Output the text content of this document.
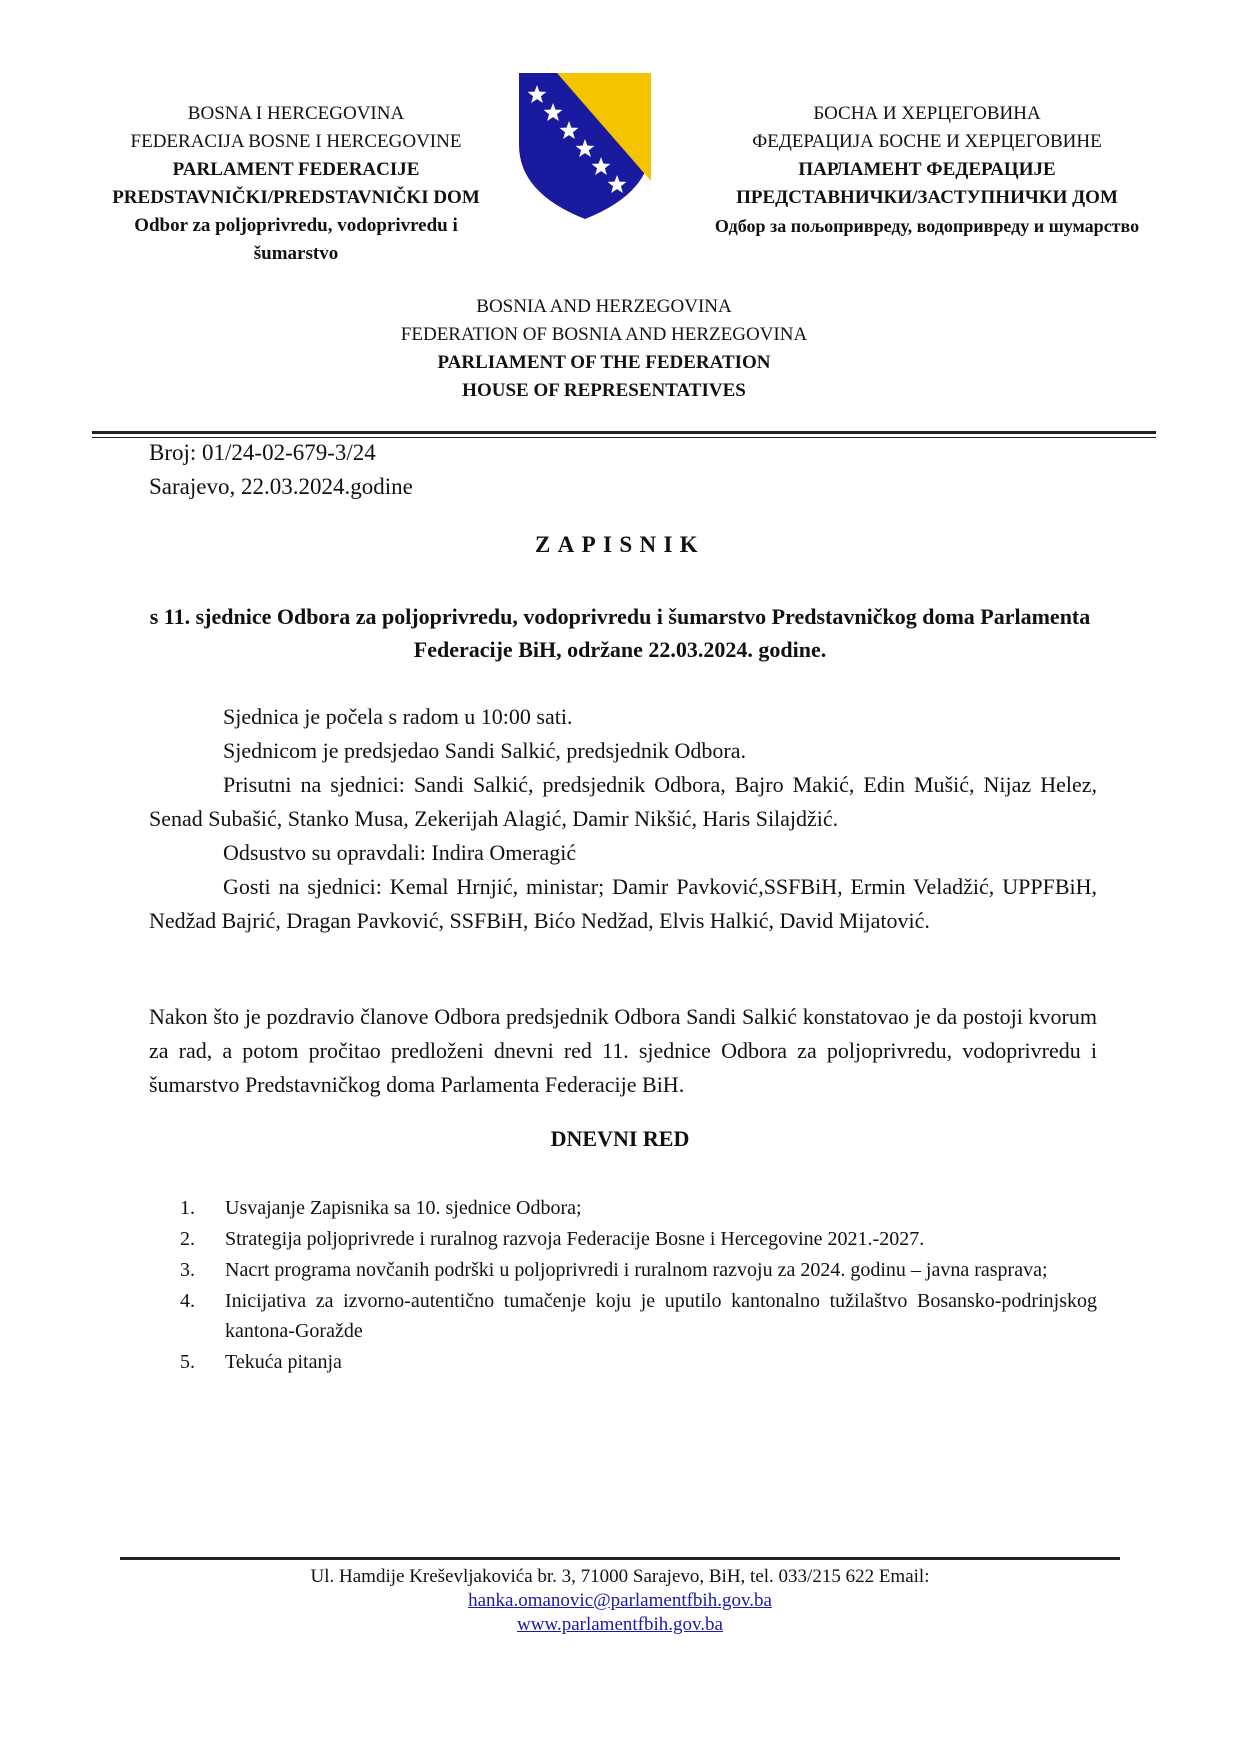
BOSNA I HERCEGOVINA
FEDERACIJA BOSNE I HERCEGOVINE
PARLAMENT FEDERACIJE
PREDSTAVNIČKI/PREDSTAVNIČKI DOM
Odbor za poljoprivredu, vodoprivredu i šumarstvo
БОСНА И ХЕРЦЕГОВИНА
ФЕДЕРАЦИЈА БОСНЕ И ХЕРЦЕГОВИНЕ
ПАРЛАМЕНТ ФЕДЕРАЦИЈЕ
ПРЕДСТАВНИЧКИ/ЗАСТУПНИЧКИ ДОМ
Одбор за пољопривреду, водопривреду и шумарство
BOSNIA AND HERZEGOVINA
FEDERATION OF BOSNIA AND HERZEGOVINA
PARLIAMENT OF THE FEDERATION
HOUSE OF REPRESENTATIVES
Broj: 01/24-02-679-3/24
Sarajevo, 22.03.2024.godine
ZAPISNIK
s 11. sjednice Odbora za poljoprivredu, vodoprivredu i šumarstvo Predstavničkog doma Parlamenta Federacije BiH, održane 22.03.2024. godine.
Sjednica je počela s radom u 10:00 sati.
Sjednicom je predsjedao Sandi Salkić, predsjednik Odbora.
Prisutni na sjednici: Sandi Salkić, predsjednik Odbora, Bajro Makić, Edin Mušić, Nijaz Helez, Senad Subašić, Stanko Musa, Zekerijah Alagić, Damir Nikšić, Haris Silajdžić.
Odsustvo su opravdali: Indira Omeragić
Gosti na sjednici: Kemal Hrnjić, ministar; Damir Pavković,SSFBiH, Ermin Veladžić, UPPFBiH, Nedžad Bajrić, Dragan Pavković, SSFBiH, Bićo Nedžad, Elvis Halkić, David Mijatović.
Nakon što je pozdravio članove Odbora predsjednik Odbora Sandi Salkić konstatovao je da postoji kvorum za rad, a potom pročitao predloženi dnevni red 11. sjednice Odbora za poljoprivredu, vodoprivredu i šumarstvo Predstavničkog doma Parlamenta Federacije BiH.
DNEVNI RED
1.	Usvajanje Zapisnika sa 10. sjednice Odbora;
2.	Strategija poljoprivrede i ruralnog razvoja Federacije Bosne i Hercegovine 2021.-2027.
3.	Nacrt programa novčanih podrški u poljoprivredi i ruralnom razvoju za 2024. godinu – javna rasprava;
4.	Inicijativa za izvorno-autentično tumačenje koju je uputilo kantonalno tužilaštvo Bosansko-podrinjskog kantona-Goražde
5.	Tekuća pitanja
Ul. Hamdije Kreševljakovića br. 3, 71000 Sarajevo, BiH, tel. 033/215 622 Email:
hanka.omanovic@parlamentfbih.gov.ba
www.parlamentfbih.gov.ba
